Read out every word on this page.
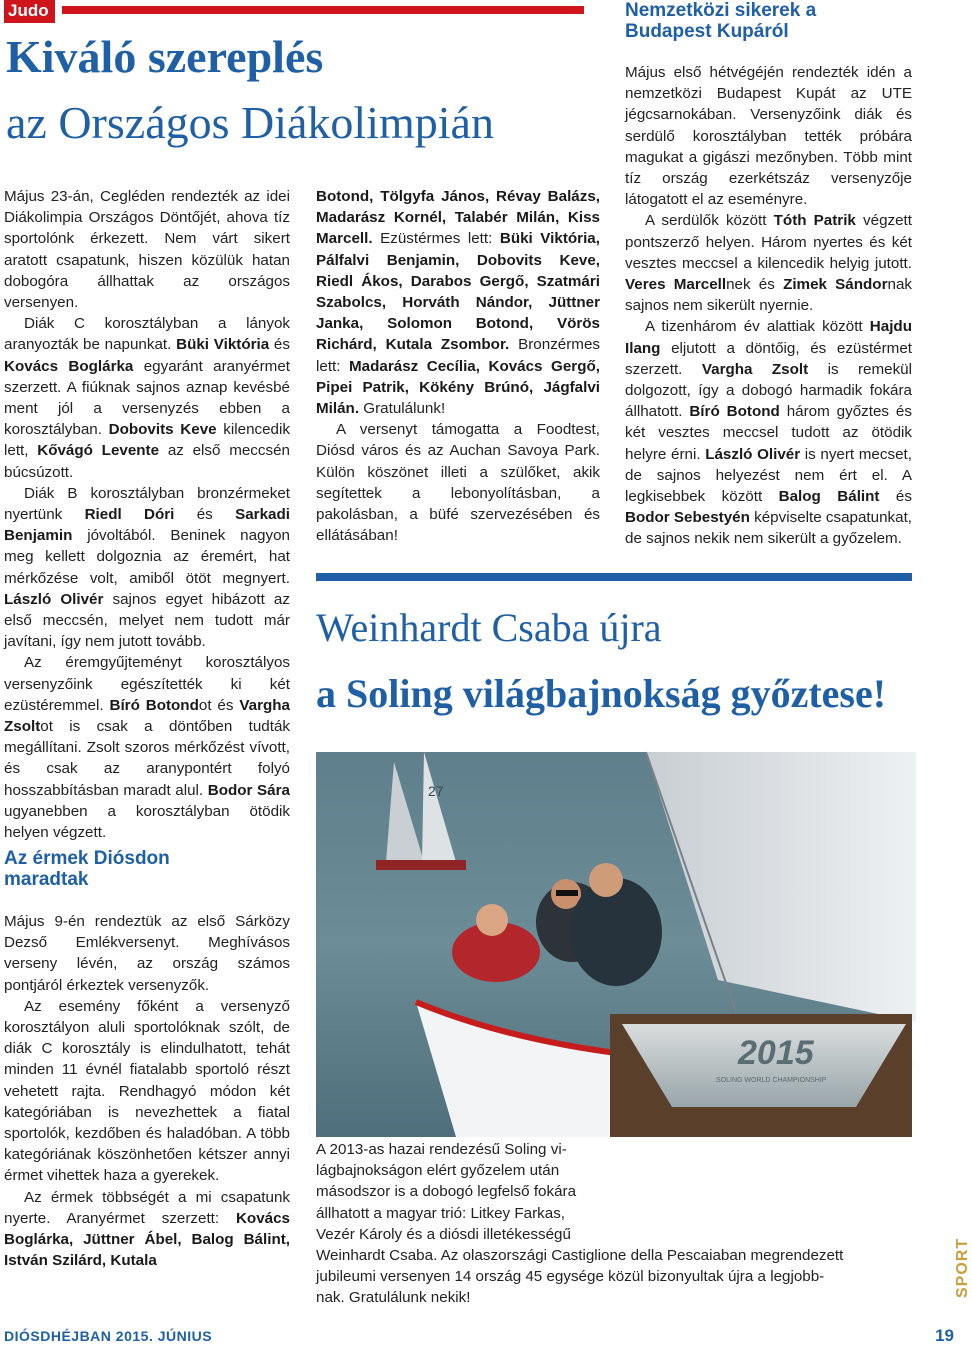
Judo
Kiváló szereplés
az Országos Diákolimpián

Május 23-án, Cegléden rendezték az idei Diákolimpia Országos Döntőjét, ahova tíz sportolónk érkezett. Nem várt sikert aratott csapatunk, hiszen közülük hatan dobogóra állhattak az országos versenyen.

Diák C korosztályban a lányok aranyozták be napunkat. Büki Viktória és Kovács Boglárka egyaránt aranyérmet szerzett. A fiúknak sajnos aznap kevésbé ment jól a versenyzés ebben a korosztályban. Dobovits Keve kilencedik lett, Kővágó Levente az első meccsén búcsúzott.

Diák B korosztályban bronzérmeket nyertünk Riedl Dóri és Sarkadi Benjamin jóvoltából. Beninek nagyon meg kellett dolgoznia az éremért, hat mérkőzése volt, amiből ötöt megnyert. László Olivér sajnos egyet hibázott az első meccsén, melyet nem tudott már javítani, így nem jutott tovább.

Az éremgyűjteményt korosztályos versenyzőink egészítették ki két ezüstéremmel. Bíró Botondot és Vargha Zsoltot is csak a döntőben tudták megállítani. Zsolt szoros mérkőzést vívott, és csak az aranypontért folyó hosszabbításban maradt alul. Bodor Sára ugyanebben a korosztályban ötödik helyen végzett.

Botond, Tölgyfa János, Révay Balázs, Madarász Kornél, Talabér Milán, Kiss Marcell. Ezüstérmes lett: Büki Viktória, Pálfalvi Benjamin, Dobovits Keve, Riedl Ákos, Darabos Gergő, Szatmári Szabolcs, Horváth Nándor, Jüttner Janka, Solomon Botond, Vörös Richárd, Kutala Zsombor. Bronzérmes lett: Madarász Cecília, Kovács Gergő, Pipei Patrik, Kökény Brúnó, Jágfalvi Milán. Gratulálunk!

A versenyt támogatta a Foodtest, Diósd város és az Auchan Savoya Park. Külön köszönet illeti a szülőket, akik segítettek a lebonyolításban, a pakolásban, a büfé szervezésében és ellátásában!

Nemzetközi sikerek a Budapest Kupáról

Május első hétvégéjén rendezték idén a nemzetközi Budapest Kupát az UTE jégcsarnokában. Versenyzőink diák és serdülő korosztályban tették próbára magukat a gigászi mezőnyben. Több mint tíz ország ezerkétszáz versenyzője látogatott el az eseményre.

A serdülők között Tóth Patrik végzett pontszerző helyen. Három nyertes és két vesztes meccsel a kilencedik helyig jutott. Veres Marcellnek és Zimek Sándornak sajnos nem sikerült nyernie.

A tizenhárom év alattiak között Hajdu Ilang eljutott a döntőig, és ezüstérmet szerzett. Vargha Zsolt is remekül dolgozott, így a dobogó harmadik fokára állhatott. Bíró Botond három győztes és két vesztes meccsel tudott az ötödik helyre érni. László Olivér is nyert mecset, de sajnos helyezést nem ért el. A legkisebbek között Balog Bálint és Bodor Sebestyén képviselte csapatunkat, de sajnos nekik nem sikerült a győzelem.

Az érmek Diósdon maradtak

Május 9-én rendeztük az első Sárközy Dezső Emlékversenyt. Meghívásos verseny lévén, az ország számos pontjáról érkeztek versenyzők.

Az esemény főként a versenyző korosztályon aluli sportolóknak szólt, de diák C korosztály is elindulhatott, tehát minden 11 évnél fiatalabb sportoló részt vehetett rajta. Rendhagyó módon két kategóriában is nevezhettek a fiatal sportolók, kezdőben és haladóban. A több kategóriának köszönhetően kétszer annyi érmet vihettek haza a gyerekek.

Az érmek többségét a mi csapatunk nyerte. Aranyérmet szerzett: Kovács Boglárka, Jüttner Ábel, Balog Bálint, István Szilárd, Kutala

Weinhardt Csaba újra
a Soling világbajnokság győztese!
27
2015
SOLING WORLD CHAMPIONSHIP
A 2013-as hazai rendezésű Soling vi-
lágbajnokságon elért győzelem után
másodszor is a dobogó legfelső fokára
állhatott a magyar trió: Litkey Farkas,
Vezér Károly és a diósdi illetékességű
Weinhardt Csaba. Az olaszországi Castiglione della Pescaiaban megrendezett
jubileumi versenyen 14 ország 45 egysége közül bizonyultak újra a legjobb-
nak. Gratulálunk nekik!
DIÓSDHÉJBAN 2015. JÚNIUS	19
SPORT
